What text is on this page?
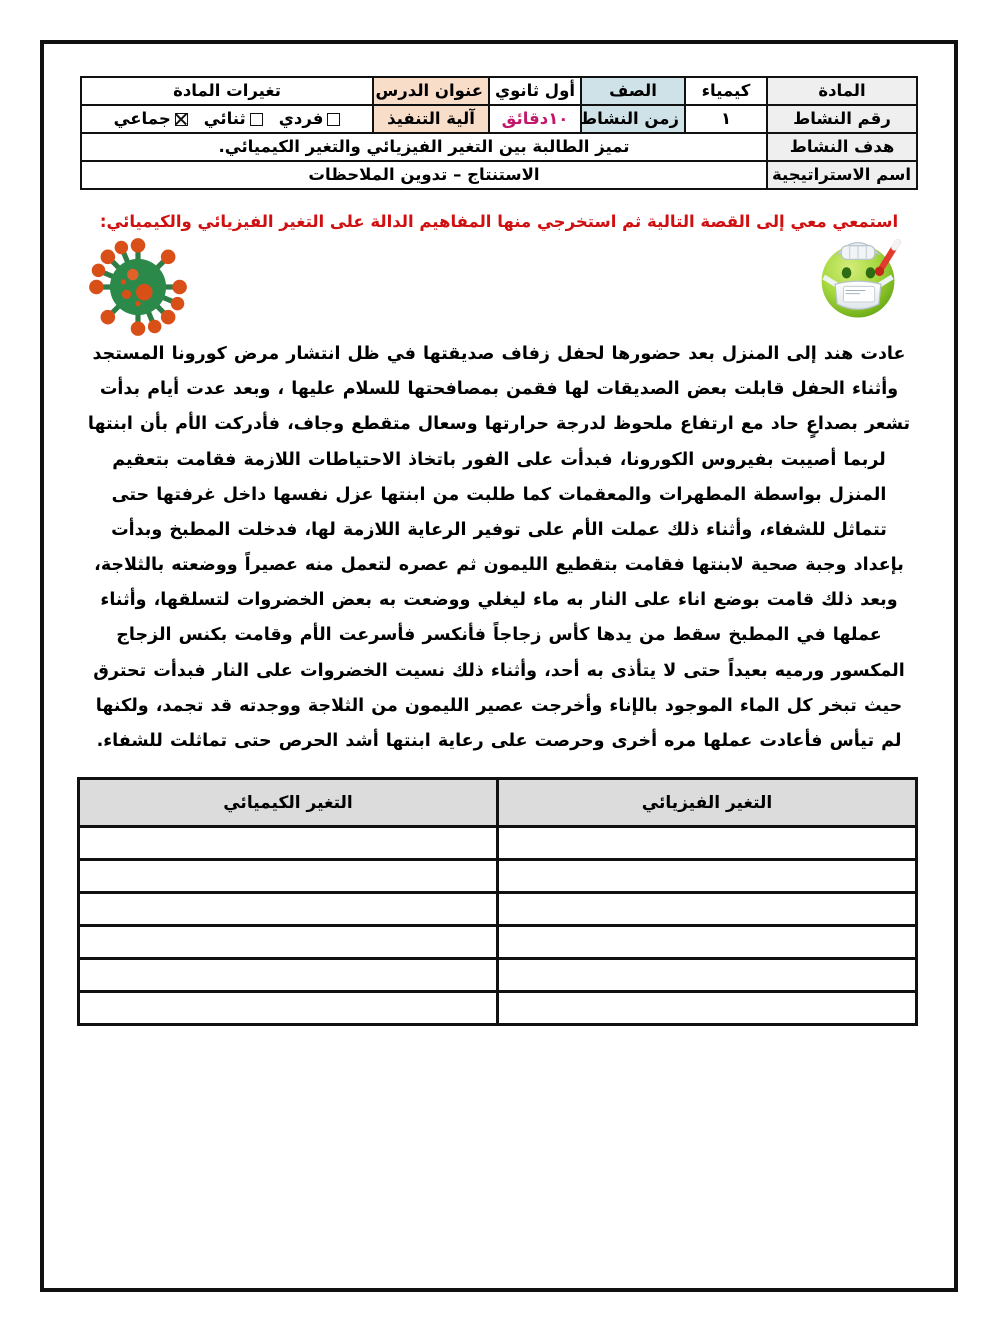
المادة	كيمياء	الصف	أول ثانوي	عنوان الدرس	تغيرات المادة
رقم النشاط	١	زمن النشاط	١٠دقائق	آلية التنفيذ	فردي
ثنائي
جماعي

هدف النشاط	تميز الطالبة بين التغير الفيزيائي والتغير الكيميائي.				
اسم الاستراتيجية	الاستنتاج – تدوين الملاحظات				
استمعي معي إلى القصة التالية ثم استخرجي منها المفاهيم الدالة على التغير الفيزيائي والكيميائي:

عادت هند إلى المنزل بعد حضورها لحفل زفاف صديقتها في ظل انتشار مرض كورونا المستجد وأثناء الحفل قابلت بعض الصديقات لها فقمن بمصافحتها للسلام عليها ، وبعد عدت أيام بدأت تشعر بصداعٍ حاد مع ارتفاع ملحوظ لدرجة حرارتها وسعال متقطع وجاف، فأدركت الأم بأن ابنتها لربما أصيبت بفيروس الكورونا، فبدأت على الفور باتخاذ الاحتياطات اللازمة فقامت بتعقيم المنزل بواسطة المطهرات والمعقمات كما طلبت من ابنتها عزل نفسها داخل غرفتها حتى تتماثل للشفاء، وأثناء ذلك عملت الأم على توفير الرعاية اللازمة لها، فدخلت المطبخ وبدأت بإعداد وجبة صحية لابنتها فقامت بتقطيع الليمون ثم عصره لتعمل منه عصيراً ووضعته بالثلاجة، وبعد ذلك قامت بوضع اناء على النار به ماء ليغلي ووضعت به بعض الخضروات لتسلقها، وأثناء عملها في المطبخ سقط من يدها كأس زجاجاً فأنكسر فأسرعت الأم وقامت بكنس الزجاج المكسور ورميه بعيداً حتى لا يتأذى به أحد، وأثناء ذلك نسيت الخضروات على النار فبدأت تحترق حيث تبخر كل الماء الموجود بالإناء وأخرجت عصير الليمون من الثلاجة ووجدته قد تجمد، ولكنها لم تيأس فأعادت عملها مره أخرى وحرصت على رعاية ابنتها أشد الحرص حتى تماثلت للشفاء.

التغير الفيزيائي	التغير الكيميائي
